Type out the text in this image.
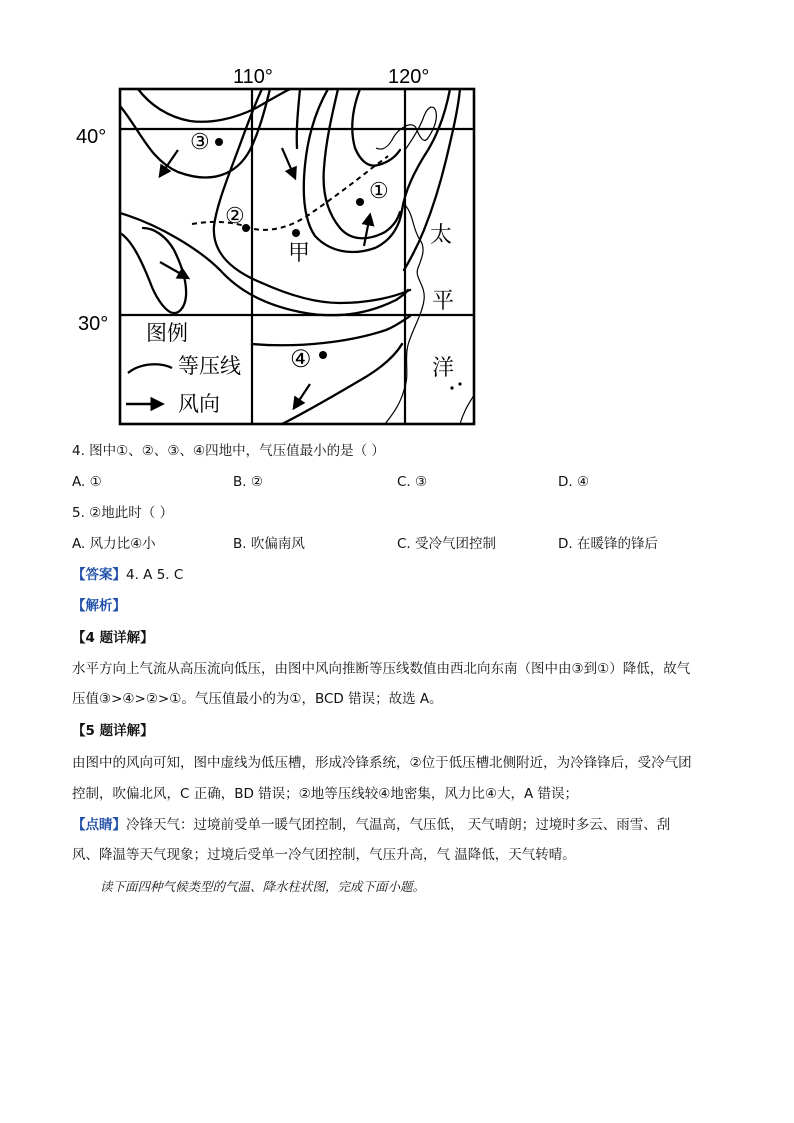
110°	120°
40°
30°
③
②
①
④
甲
太
平
洋
图例
等压线
风向
4. 图中①、②、③、④四地中，气压值最小的是（ ）
A. ①	B. ②	C. ③	D. ④
5. ②地此时（ ）
A. 风力比④小	B. 吹偏南风	C. 受冷气团控制	D. 在暖锋的锋后
【答案】4. A 5. C
【解析】
【4 题详解】
水平方向上气流从高压流向低压，由图中风向推断等压线数值由西北向东南（图中由③到①）降低，故气
压值③>④>②>①。气压值最小的为①，BCD 错误；故选 A。
【5 题详解】
由图中的风向可知，图中虚线为低压槽，形成冷锋系统，②位于低压槽北侧附近，为冷锋锋后，受冷气团
控制，吹偏北风，C 正确，BD 错误；②地等压线较④地密集，风力比④大，A 错误；
【点睛】冷锋天气：过境前受单一暖气团控制，气温高，气压低， 天气晴朗；过境时多云、雨雪、刮
风、降温等天气现象；过境后受单一冷气团控制，气压升高，气 温降低，天气转晴。
读下面四种气候类型的气温、降水柱状图，完成下面小题。
